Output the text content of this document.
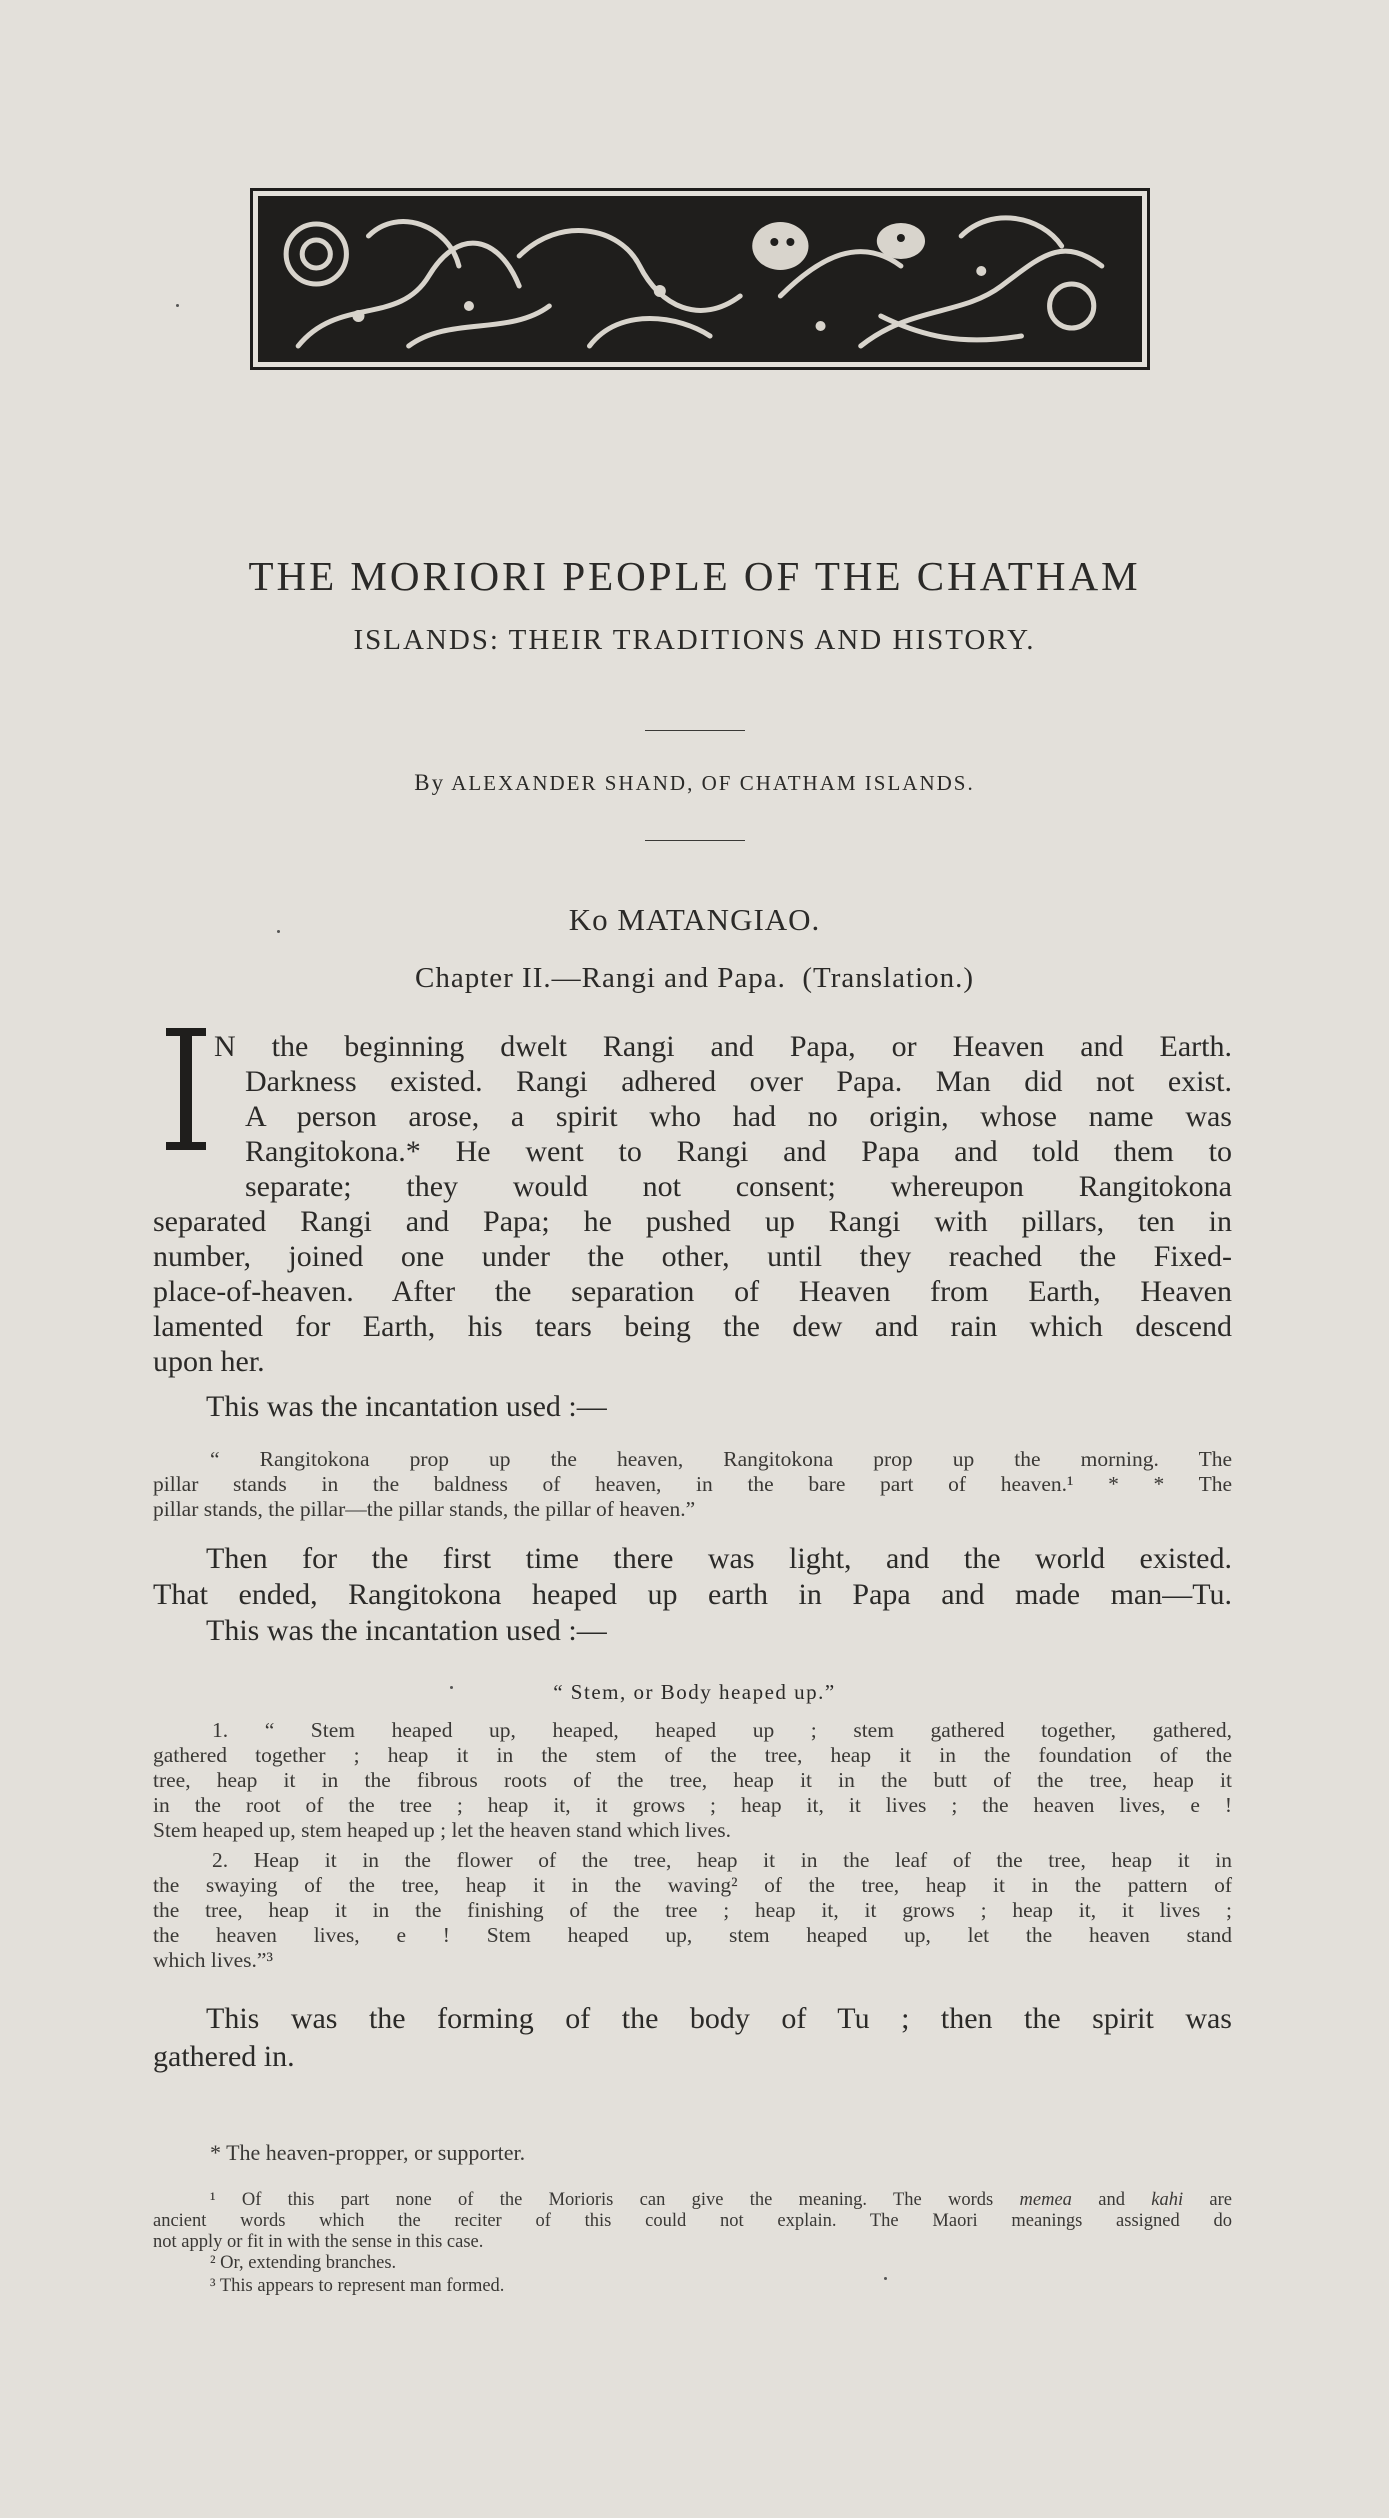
THE MORIORI PEOPLE OF THE CHATHAM
ISLANDS: THEIR TRADITIONS AND HISTORY.
By ALEXANDER SHAND, OF CHATHAM ISLANDS.
Ko MATANGIAO.
Chapter II.—Rangi and Papa. (Translation.)
N the beginning dwelt Rangi and Papa, or Heaven and Earth.
Darkness existed. Rangi adhered over Papa. Man did not exist.
A person arose, a spirit who had no origin, whose name was
Rangitokona.* He went to Rangi and Papa and told them to
separate; they would not consent; whereupon Rangitokona
separated Rangi and Papa; he pushed up Rangi with pillars, ten in
number, joined one under the other, until they reached the Fixed-
place-of-heaven. After the separation of Heaven from Earth, Heaven
lamented for Earth, his tears being the dew and rain which descend
upon her.
This was the incantation used :—
“ Rangitokona prop up the heaven, Rangitokona prop up the morning. The
pillar stands in the baldness of heaven, in the bare part of heaven.¹ * * The
pillar stands, the pillar—the pillar stands, the pillar of heaven.”
Then for the first time there was light, and the world existed.
That ended, Rangitokona heaped up earth in Papa and made man—Tu.
This was the incantation used :—
“ Stem, or Body heaped up.”
1. “ Stem heaped up, heaped, heaped up ; stem gathered together, gathered,
gathered together ; heap it in the stem of the tree, heap it in the foundation of the
tree, heap it in the fibrous roots of the tree, heap it in the butt of the tree, heap it
in the root of the tree ; heap it, it grows ; heap it, it lives ; the heaven lives, e !
Stem heaped up, stem heaped up ; let the heaven stand which lives.
2. Heap it in the flower of the tree, heap it in the leaf of the tree, heap it in
the swaying of the tree, heap it in the waving² of the tree, heap it in the pattern of
the tree, heap it in the finishing of the tree ; heap it, it grows ; heap it, it lives ;
the heaven lives, e ! Stem heaped up, stem heaped up, let the heaven stand
which lives.”³
This was the forming of the body of Tu ; then the spirit was
gathered in.
* The heaven-propper, or supporter.
¹ Of this part none of the Morioris can give the meaning. The words memea and kahi are
ancient words which the reciter of this could not explain. The Maori meanings assigned do
not apply or fit in with the sense in this case.
² Or, extending branches.
³ This appears to represent man formed.
